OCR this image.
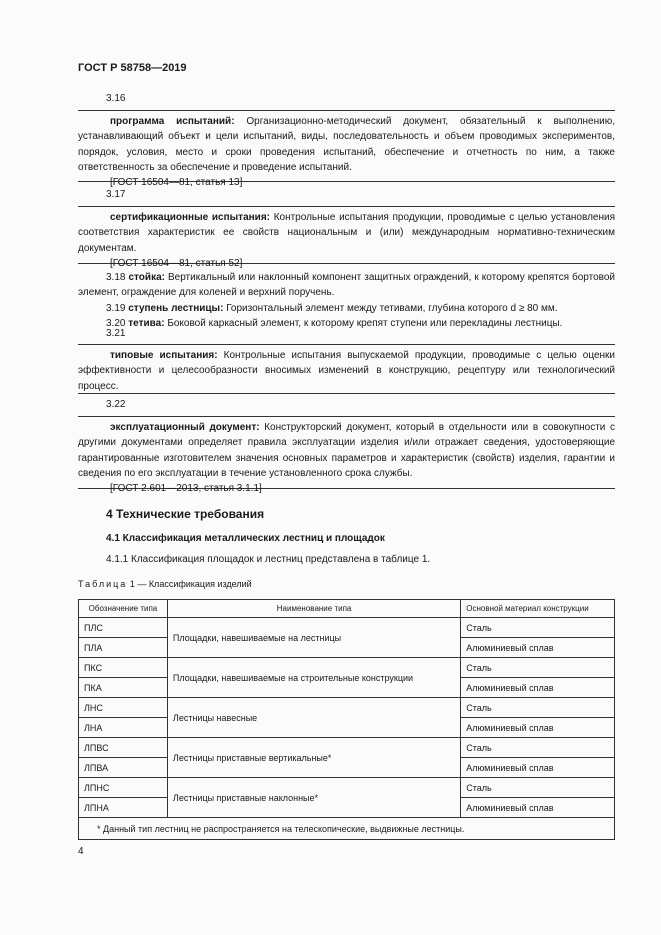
ГОСТ Р 58758—2019
3.16

программа испытаний: Организационно-методический документ, обязательный к выполнению, устанавливающий объект и цели испытаний, виды, последовательность и объем проводимых экспериментов, порядок, условия, место и сроки проведения испытаний, обеспечение и отчетность по ним, а также ответственность за обеспечение и проведение испытаний.

[ГОСТ 16504—81, статья 13]

3.17

сертификационные испытания: Контрольные испытания продукции, проводимые с целью установления соответствия характеристик ее свойств национальным и (или) международным нормативно-техническим документам.

[ГОСТ 16504—81, статья 52]

3.18 стойка: Вертикальный или наклонный компонент защитных ограждений, к которому крепятся бортовой элемент, ограждение для коленей и верхний поручень.
3.19 ступень лестницы: Горизонтальный элемент между тетивами, глубина которого d ≥ 80 мм.
3.20 тетива: Боковой каркасный элемент, к которому крепят ступени или перекладины лестницы.
3.21

типовые испытания: Контрольные испытания выпускаемой продукции, проводимые с целью оценки эффективности и целесообразности вносимых изменений в конструкцию, рецептуру или технологический процесс.

3.22

эксплуатационный документ: Конструкторский документ, который в отдельности или в совокупности с другими документами определяет правила эксплуатации изделия и/или отражает сведения, удостоверяющие гарантированные изготовителем значения основных параметров и характеристик (свойств) изделия, гарантии и сведения по его эксплуатации в течение установленного срока службы.

[ГОСТ 2.601—2013, статья 3.1.1]

4 Технические требования
4.1 Классификация металлических лестниц и площадок
4.1.1 Классификация площадок и лестниц представлена в таблице 1.
Таблица 1 — Классификация изделий
Обозначение типа	Наименование типа	Основной материал конструкции
ПЛС	Площадки, навешиваемые на лестницы	Сталь
ПЛА		Алюминиевый сплав
ПКС	Площадки, навешиваемые на строительные конструкции	Сталь
ПКА		Алюминиевый сплав
ЛНС	Лестницы навесные	Сталь
ЛНА		Алюминиевый сплав
ЛПВС	Лестницы приставные вертикальные*	Сталь
ЛПВА		Алюминиевый сплав
ЛПНС	Лестницы приставные наклонные*	Сталь
ЛПНА		Алюминиевый сплав
* Данный тип лестниц не распространяется на телескопические, выдвижные лестницы.		
4
